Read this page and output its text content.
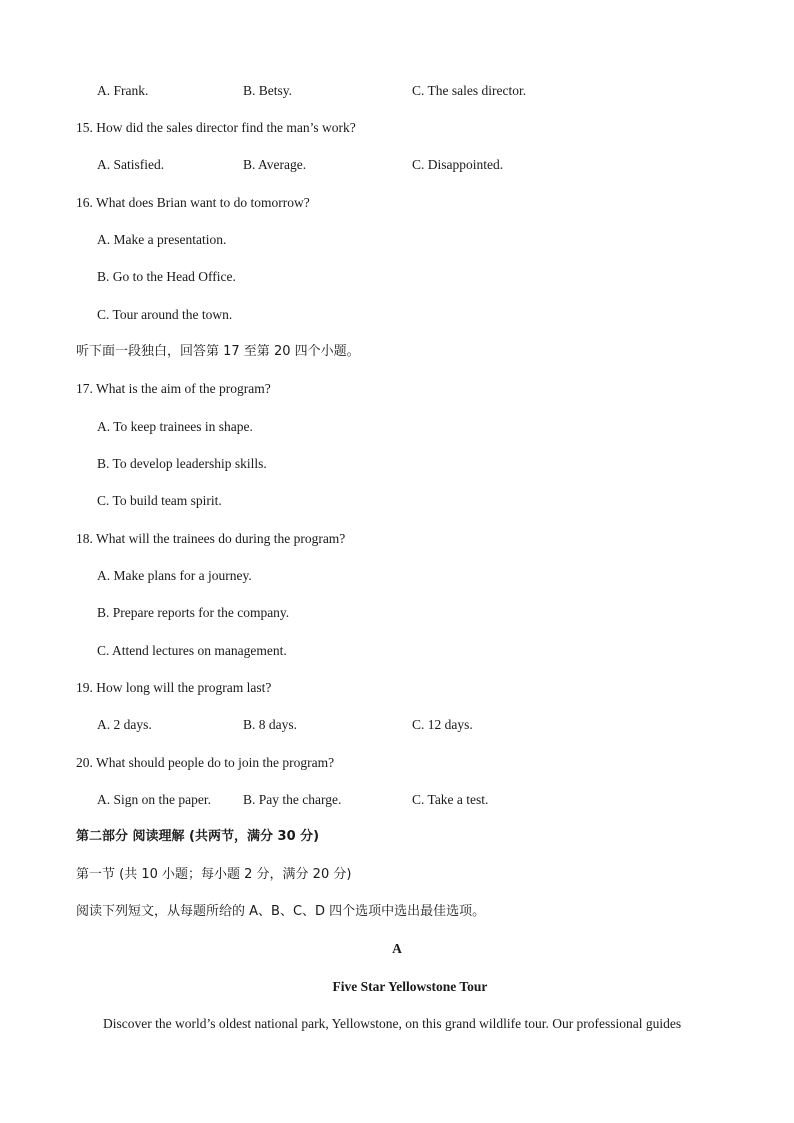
A. Frank.	B. Betsy.	C. The sales director.
15. How did the sales director find the man’s work?
A. Satisfied.	B. Average.	C. Disappointed.
16. What does Brian want to do tomorrow?
A. Make a presentation.
B. Go to the Head Office.
C. Tour around the town.
听下面一段独白，回答第 17 至第 20 四个小题。
17. What is the aim of the program?
A. To keep trainees in shape.
B. To develop leadership skills.
C. To build team spirit.
18. What will the trainees do during the program?
A. Make plans for a journey.
B. Prepare reports for the company.
C. Attend lectures on management.
19. How long will the program last?
A. 2 days.	B. 8 days.	C. 12 days.
20. What should people do to join the program?
A. Sign on the paper. B. Pay the charge.	C. Take a test.
第二部分 阅读理解 (共两节，满分 30 分)
第一节 (共 10 小题；每小题 2 分，满分 20 分)
阅读下列短文，从每题所给的 A、B、C、D 四个选项中选出最佳选项。
A
Five Star Yellowstone Tour
Discover the world’s oldest national park, Yellowstone, on this grand wildlife tour. Our professional guides
